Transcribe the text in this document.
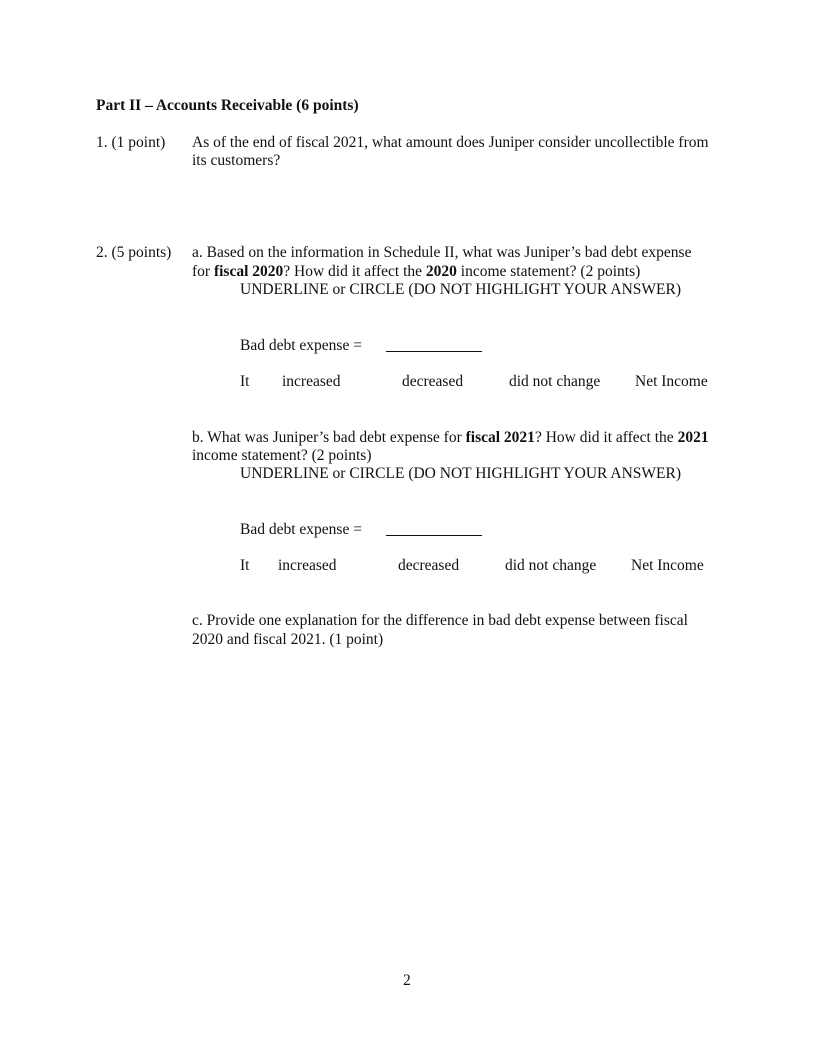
Part II – Accounts Receivable (6 points)
1. (1 point) As of the end of fiscal 2021, what amount does Juniper consider uncollectible from
its customers?
2. (5 points) a. Based on the information in Schedule II, what was Juniper’s bad debt expense
for fiscal 2020? How did it affect the 2020 income statement? (2 points)
UNDERLINE or CIRCLE (DO NOT HIGHLIGHT YOUR ANSWER)
Bad debt expense =
It increased	decreased	did not change Net Income
b. What was Juniper’s bad debt expense for fiscal 2021? How did it affect the 2021
income statement? (2 points)
UNDERLINE or CIRCLE (DO NOT HIGHLIGHT YOUR ANSWER)
Bad debt expense =
It increased	decreased	did not change Net Income
c. Provide one explanation for the difference in bad debt expense between fiscal
2020 and fiscal 2021. (1 point)
2
